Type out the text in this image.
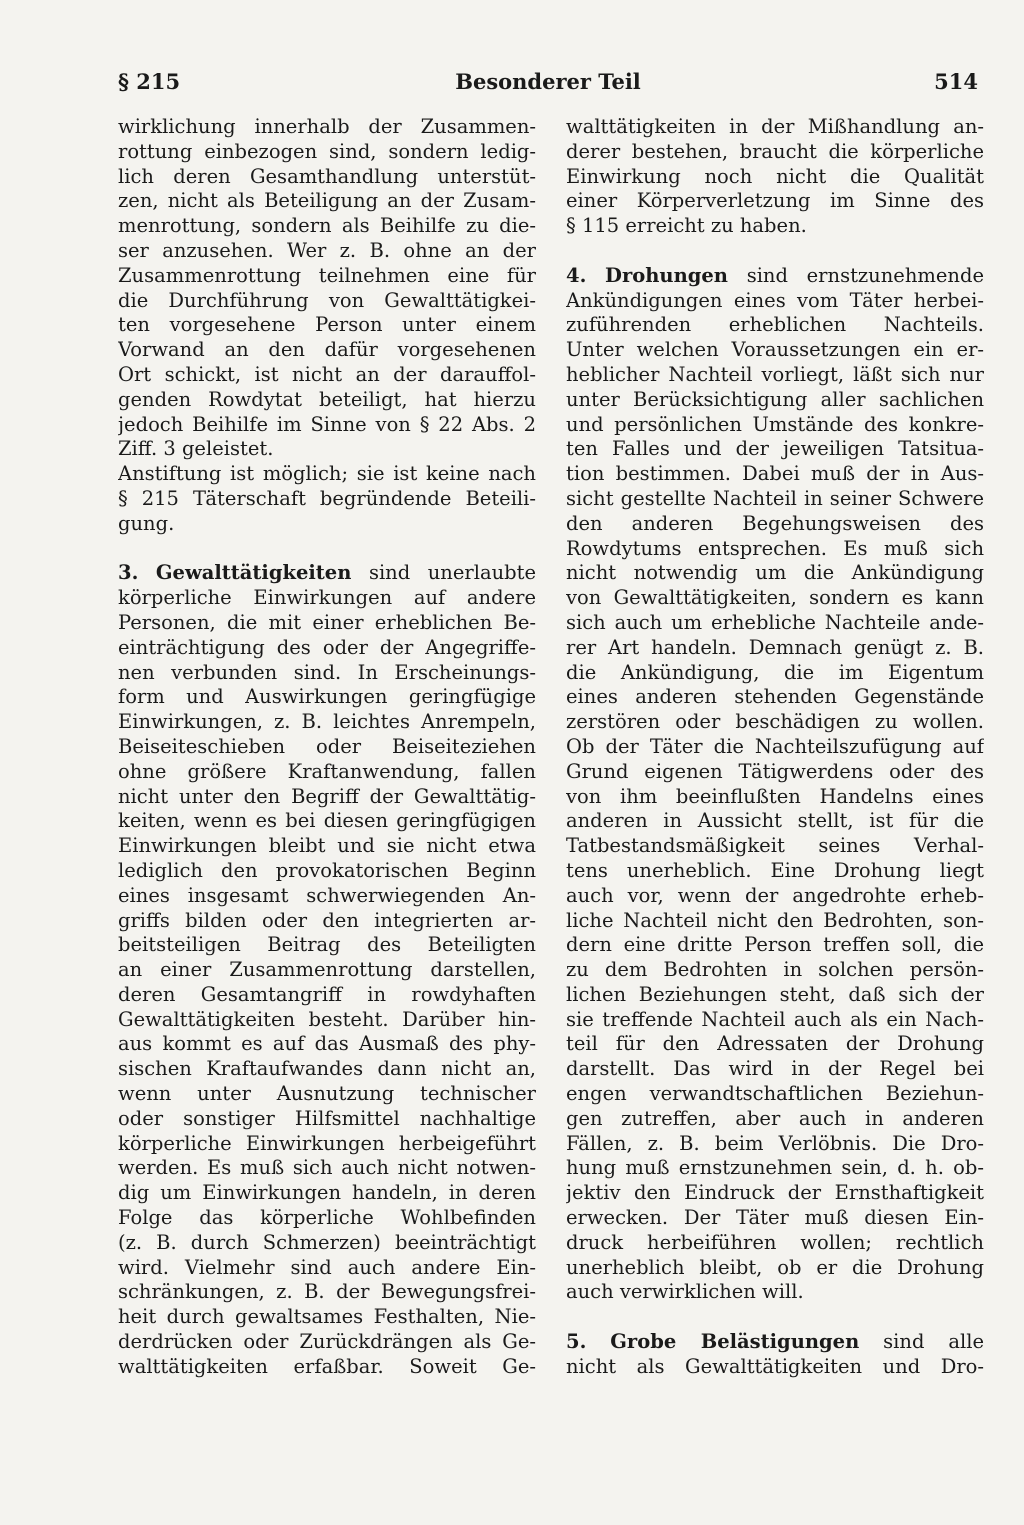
§ 215	Besonderer Teil	514
wirklichung innerhalb der Zusammen-
rottung einbezogen sind, sondern ledig-
lich deren Gesamthandlung unterstüt-
zen, nicht als Beteiligung an der Zusam-
menrottung, sondern als Beihilfe zu die-
ser anzusehen. Wer z. B. ohne an der
Zusammenrottung teilnehmen eine für
die Durchführung von Gewalttätigkei-
ten vorgesehene Person unter einem
Vorwand an den dafür vorgesehenen
Ort schickt, ist nicht an der darauffol-
genden Rowdytat beteiligt, hat hierzu
jedoch Beihilfe im Sinne von § 22 Abs. 2
Ziff. 3 geleistet.
Anstiftung ist möglich; sie ist keine nach
§ 215 Täterschaft begründende Beteili-
gung.
3. Gewalttätigkeiten sind unerlaubte
körperliche Einwirkungen auf andere
Personen, die mit einer erheblichen Be-
einträchtigung des oder der Angegriffe-
nen verbunden sind. In Erscheinungs-
form und Auswirkungen geringfügige
Einwirkungen, z. B. leichtes Anrempeln,
Beiseiteschieben oder Beiseiteziehen
ohne größere Kraftanwendung, fallen
nicht unter den Begriff der Gewalttätig-
keiten, wenn es bei diesen geringfügigen
Einwirkungen bleibt und sie nicht etwa
lediglich den provokatorischen Beginn
eines insgesamt schwerwiegenden An-
griffs bilden oder den integrierten ar-
beitsteiligen Beitrag des Beteiligten
an einer Zusammenrottung darstellen,
deren Gesamtangriff in rowdyhaften
Gewalttätigkeiten besteht. Darüber hin-
aus kommt es auf das Ausmaß des phy-
sischen Kraftaufwandes dann nicht an,
wenn unter Ausnutzung technischer
oder sonstiger Hilfsmittel nachhaltige
körperliche Einwirkungen herbeigeführt
werden. Es muß sich auch nicht notwen-
dig um Einwirkungen handeln, in deren
Folge das körperliche Wohlbefinden
(z. B. durch Schmerzen) beeinträchtigt
wird. Vielmehr sind auch andere Ein-
schränkungen, z. B. der Bewegungsfrei-
heit durch gewaltsames Festhalten, Nie-
derdrücken oder Zurückdrängen als Ge-
walttätigkeiten erfaßbar. Soweit Ge-
walttätigkeiten in der Mißhandlung an-
derer bestehen, braucht die körperliche
Einwirkung noch nicht die Qualität
einer Körperverletzung im Sinne des
§ 115 erreicht zu haben.
4. Drohungen sind ernstzunehmende
Ankündigungen eines vom Täter herbei-
zuführenden erheblichen Nachteils.
Unter welchen Voraussetzungen ein er-
heblicher Nachteil vorliegt, läßt sich nur
unter Berücksichtigung aller sachlichen
und persönlichen Umstände des konkre-
ten Falles und der jeweiligen Tatsitua-
tion bestimmen. Dabei muß der in Aus-
sicht gestellte Nachteil in seiner Schwere
den anderen Begehungsweisen des
Rowdytums entsprechen. Es muß sich
nicht notwendig um die Ankündigung
von Gewalttätigkeiten, sondern es kann
sich auch um erhebliche Nachteile ande-
rer Art handeln. Demnach genügt z. B.
die Ankündigung, die im Eigentum
eines anderen stehenden Gegenstände
zerstören oder beschädigen zu wollen.
Ob der Täter die Nachteilszufügung auf
Grund eigenen Tätigwerdens oder des
von ihm beeinflußten Handelns eines
anderen in Aussicht stellt, ist für die
Tatbestandsmäßigkeit seines Verhal-
tens unerheblich. Eine Drohung liegt
auch vor, wenn der angedrohte erheb-
liche Nachteil nicht den Bedrohten, son-
dern eine dritte Person treffen soll, die
zu dem Bedrohten in solchen persön-
lichen Beziehungen steht, daß sich der
sie treffende Nachteil auch als ein Nach-
teil für den Adressaten der Drohung
darstellt. Das wird in der Regel bei
engen verwandtschaftlichen Beziehun-
gen zutreffen, aber auch in anderen
Fällen, z. B. beim Verlöbnis. Die Dro-
hung muß ernstzunehmen sein, d. h. ob-
jektiv den Eindruck der Ernsthaftigkeit
erwecken. Der Täter muß diesen Ein-
druck herbeiführen wollen; rechtlich
unerheblich bleibt, ob er die Drohung
auch verwirklichen will.
5. Grobe Belästigungen sind alle
nicht als Gewalttätigkeiten und Dro-
